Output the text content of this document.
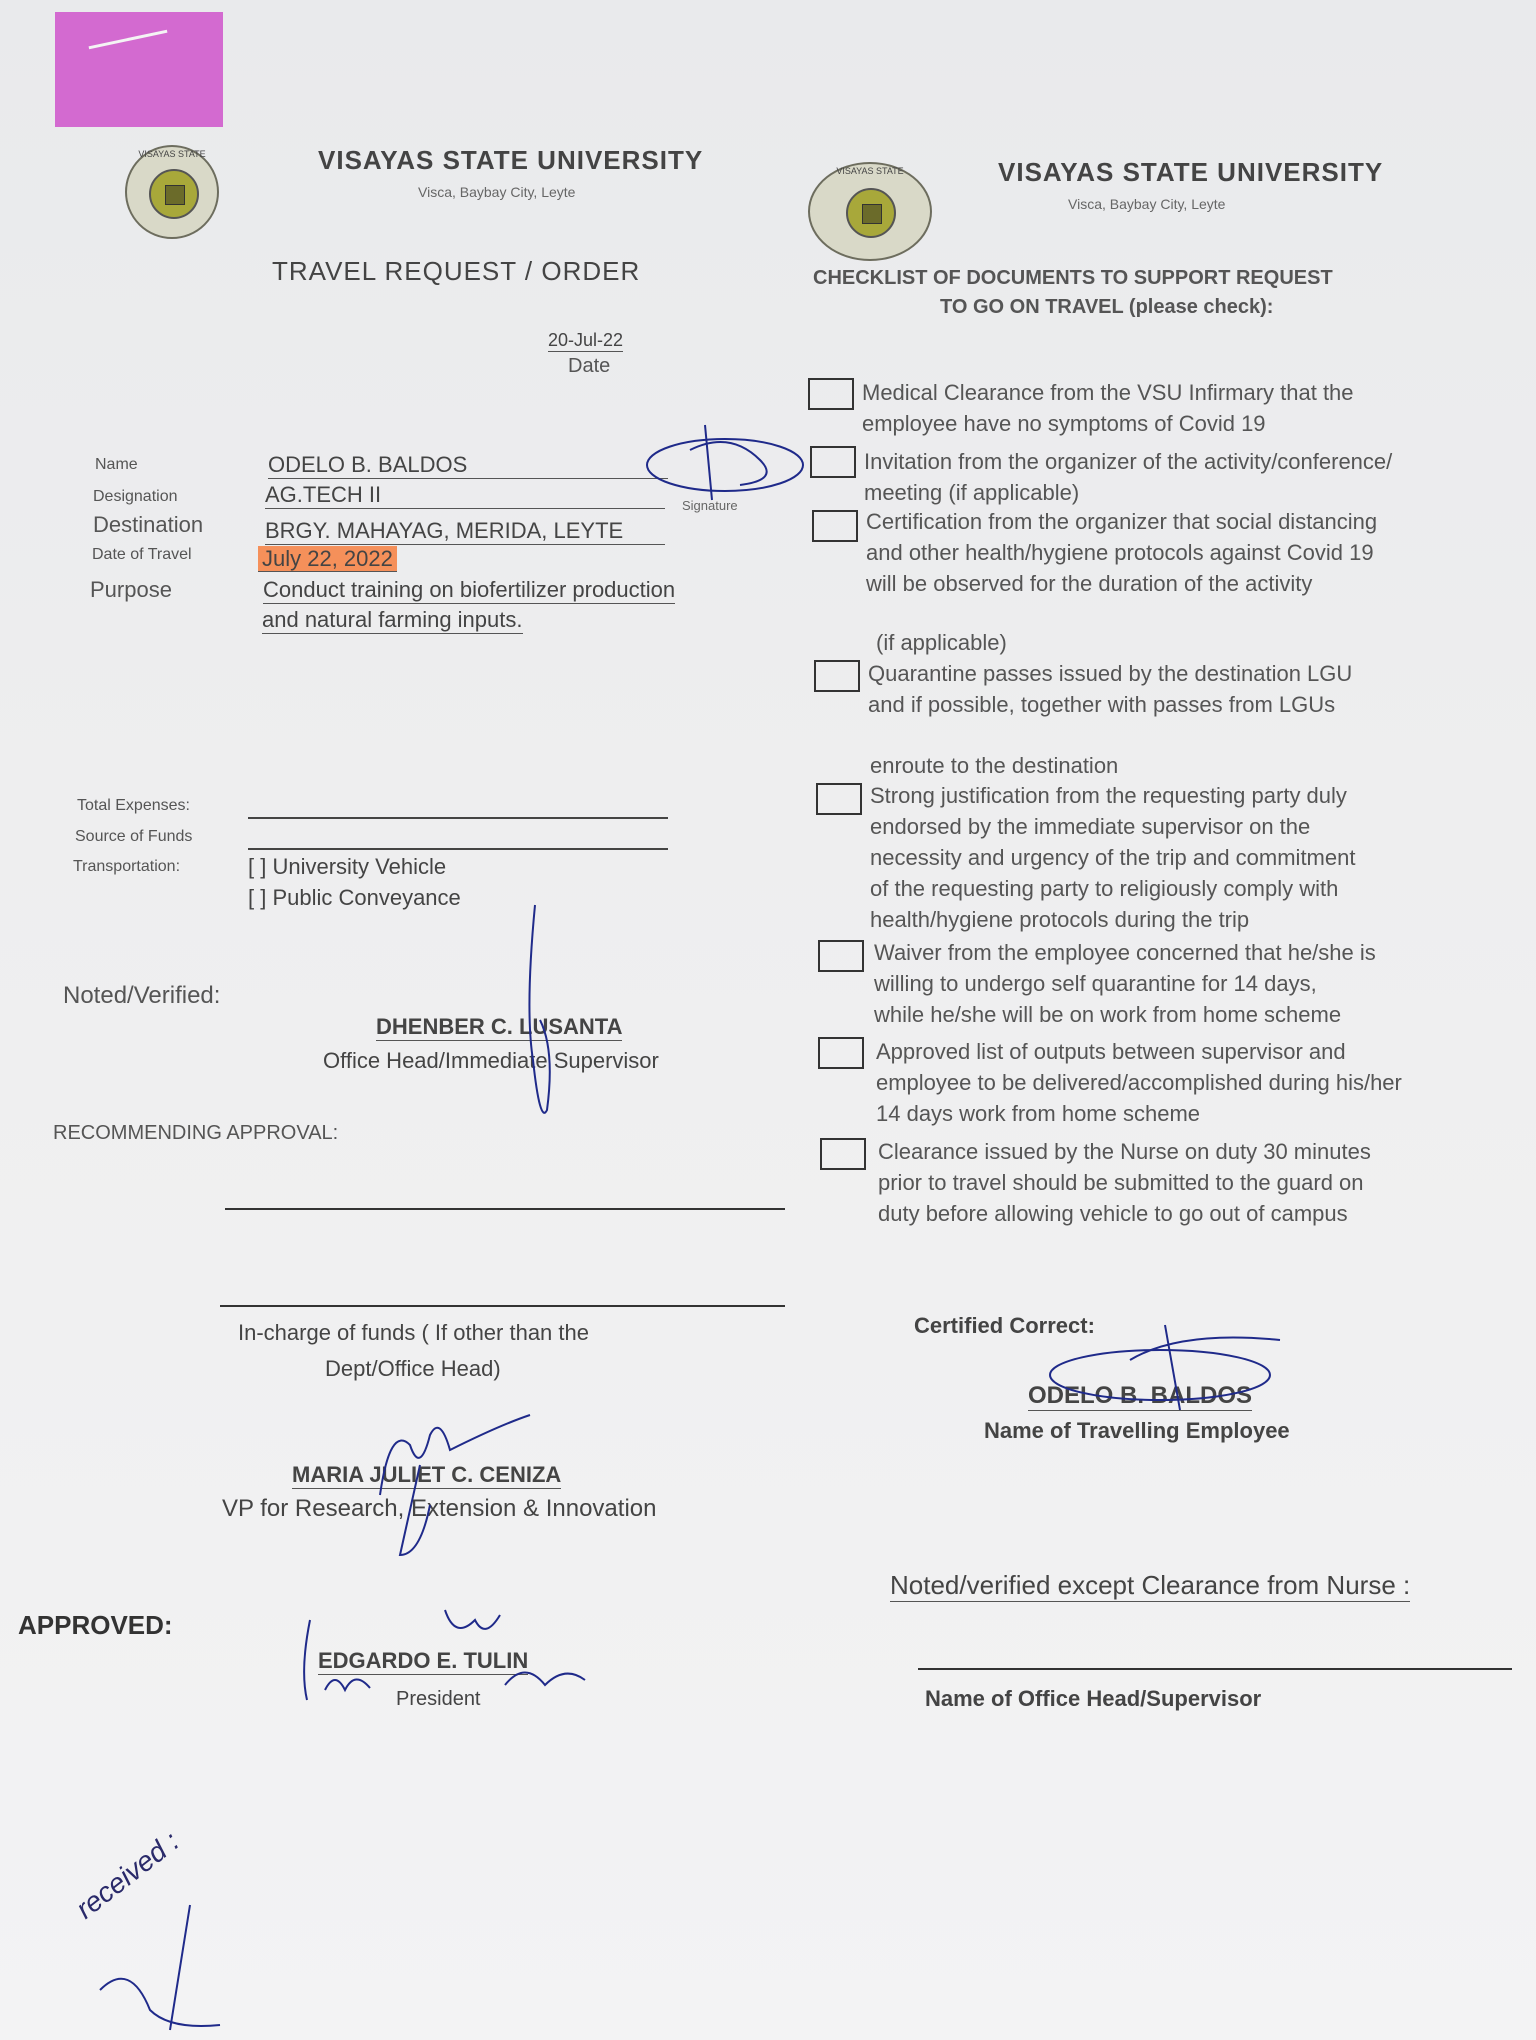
VISAYAS STATE	VISAYAS STATE UNIVERSITY
Visca, Baybay City, Leyte
TRAVEL REQUEST / ORDER
20-Jul-22
Date
Name	ODELO B. BALDOS
Signature
Designation	AG.TECH II
Destination	BRGY. MAHAYAG, MERIDA, LEYTE
Date of Travel	July 22, 2022
Purpose	Conduct training on biofertilizer production
and natural farming inputs.
Total Expenses:
Source of Funds
Transportation:	[ ] University Vehicle
[ ] Public Conveyance
Noted/Verified:
DHENBER C. LUSANTA
Office Head/Immediate Supervisor
RECOMMENDING APPROVAL:
In-charge of funds ( If other than the
Dept/Office Head)
MARIA JULIET C. CENIZA
VP for Research, Extension & Innovation
APPROVED:
EDGARDO E. TULIN
President
VISAYAS STATE	VISAYAS STATE UNIVERSITY
Visca, Baybay City, Leyte
CHECKLIST OF DOCUMENTS TO SUPPORT REQUEST
TO GO ON TRAVEL (please check):
Medical Clearance from the VSU Infirmary that the
employee have no symptoms of Covid 19
Invitation from the organizer of the activity/conference/
meeting (if applicable)
Certification from the organizer that social distancing
and other health/hygiene protocols against Covid 19
will be observed for the duration of the activity
(if applicable)
Quarantine passes issued by the destination LGU
and if possible, together with passes from LGUs
enroute to the destination
Strong justification from the requesting party duly
endorsed by the immediate supervisor on the
necessity and urgency of the trip and commitment
of the requesting party to religiously comply with
health/hygiene protocols during the trip
Waiver from the employee concerned that he/she is
willing to undergo self quarantine for 14 days,
while he/she will be on work from home scheme
Approved list of outputs between supervisor and
employee to be delivered/accomplished during his/her
14 days work from home scheme
Clearance issued by the Nurse on duty 30 minutes
prior to travel should be submitted to the guard on
duty before allowing vehicle to go out of campus
Certified Correct:
ODELO B. BALDOS
Name of Travelling Employee
Noted/verified except Clearance from Nurse :
Name of Office Head/Supervisor
received :
